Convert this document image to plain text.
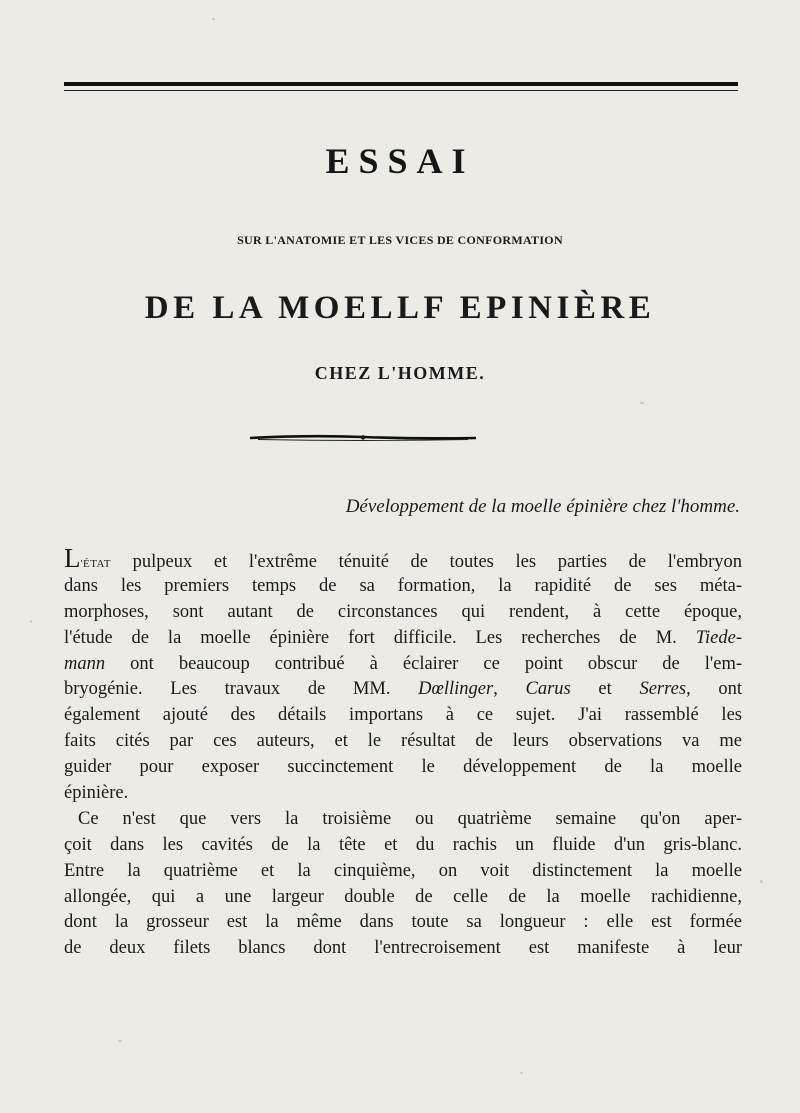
ESSAI
SUR L'ANATOMIE ET LES VICES DE CONFORMATION
DE LA MOELLF EPINIÈRE
CHEZ L'HOMME.
Développement de la moelle épinière chez l'homme.
L'ÉTAT pulpeux et l'extrême ténuité de toutes les parties de l'embryon
dans les premiers temps de sa formation, la rapidité de ses méta-
morphoses, sont autant de circonstances qui rendent, à cette époque,
l'étude de la moelle épinière fort difficile. Les recherches de M. Tiede-
mann ont beaucoup contribué à éclairer ce point obscur de l'em-
bryogénie. Les travaux de MM. Dœllinger, Carus et Serres, ont
également ajouté des détails importans à ce sujet. J'ai rassemblé les
faits cités par ces auteurs, et le résultat de leurs observations va me
guider pour exposer succinctement le développement de la moelle
épinière.
Ce n'est que vers la troisième ou quatrième semaine qu'on aper-
çoit dans les cavités de la tête et du rachis un fluide d'un gris-blanc.
Entre la quatrième et la cinquième, on voit distinctement la moelle
allongée, qui a une largeur double de celle de la moelle rachidienne,
dont la grosseur est la même dans toute sa longueur : elle est formée
de deux filets blancs dont l'entrecroisement est manifeste à leur
